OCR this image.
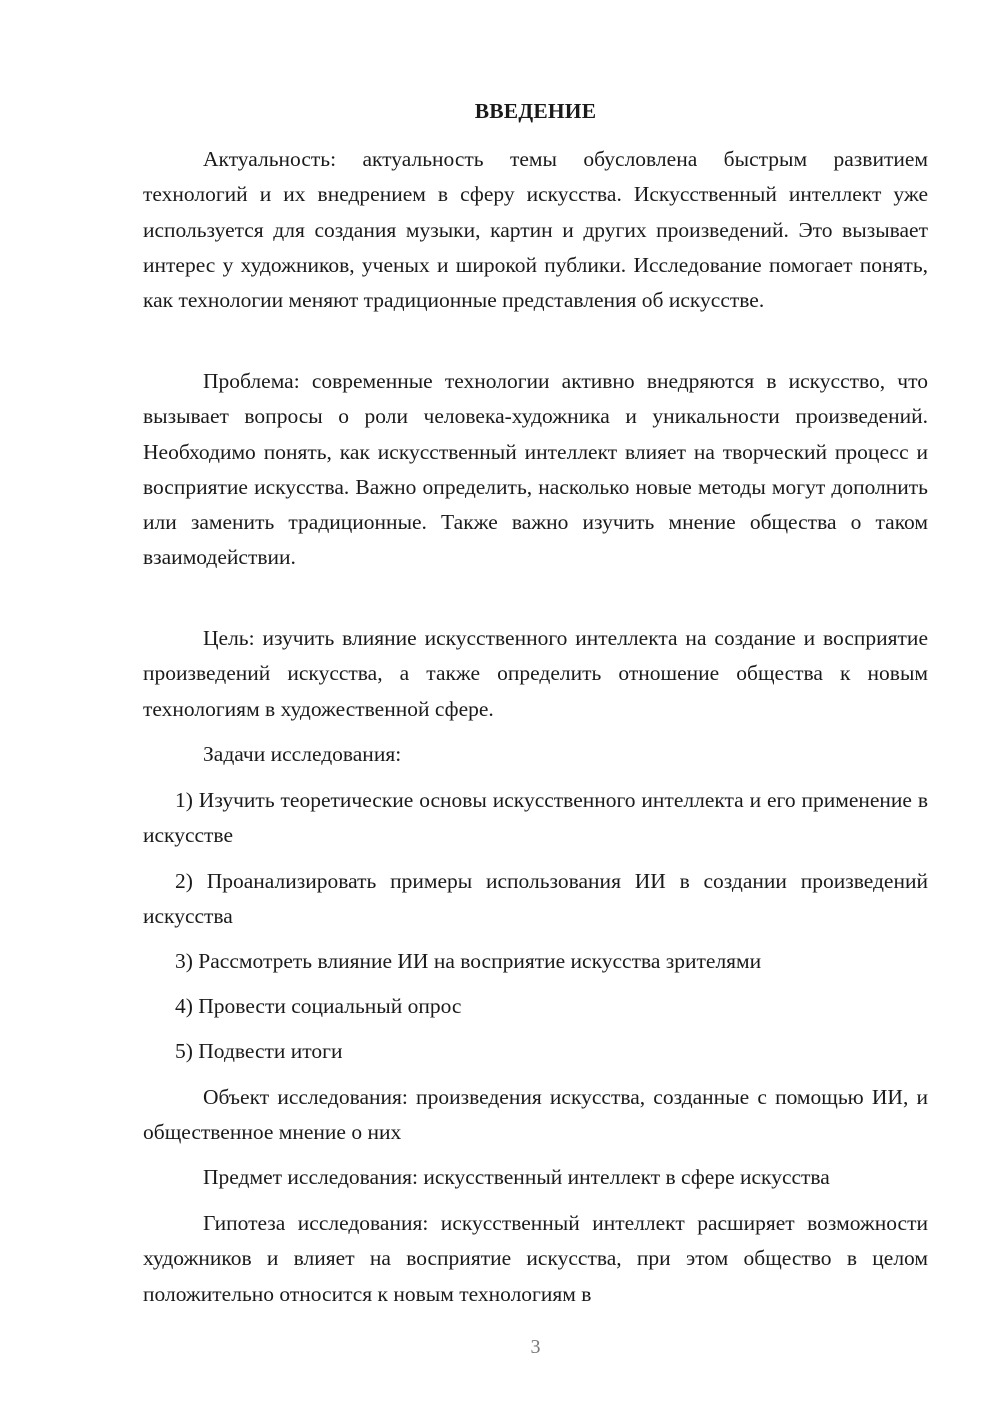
ВВЕДЕНИЕ

Актуальность: актуальность темы обусловлена быстрым развитием технологий и их внедрением в сферу искусства. Искусственный интеллект уже используется для создания музыки, картин и других произведений. Это вызывает интерес у художников, ученых и широкой публики. Исследование помогает понять, как технологии меняют традиционные представления об искусстве.

Проблема: современные технологии активно внедряются в искусство, что вызывает вопросы о роли человека-художника и уникальности произведений. Необходимо понять, как искусственный интеллект влияет на творческий процесс и восприятие искусства. Важно определить, насколько новые методы могут дополнить или заменить традиционные. Также важно изучить мнение общества о таком взаимодействии.

Цель: изучить влияние искусственного интеллекта на создание и восприятие произведений искусства, а также определить отношение общества к новым технологиям в художественной сфере.

Задачи исследования:

1) Изучить теоретические основы искусственного интеллекта и его применение в искусстве

2) Проанализировать примеры использования ИИ в создании произведений искусства

3) Рассмотреть влияние ИИ на восприятие искусства зрителями

4) Провести социальный опрос

5) Подвести итоги

Объект исследования: произведения искусства, созданные с помощью ИИ, и общественное мнение о них

Предмет исследования: искусственный интеллект в сфере искусства

Гипотеза исследования: искусственный интеллект расширяет возможности художников и влияет на восприятие искусства, при этом общество в целом положительно относится к новым технологиям в

3
